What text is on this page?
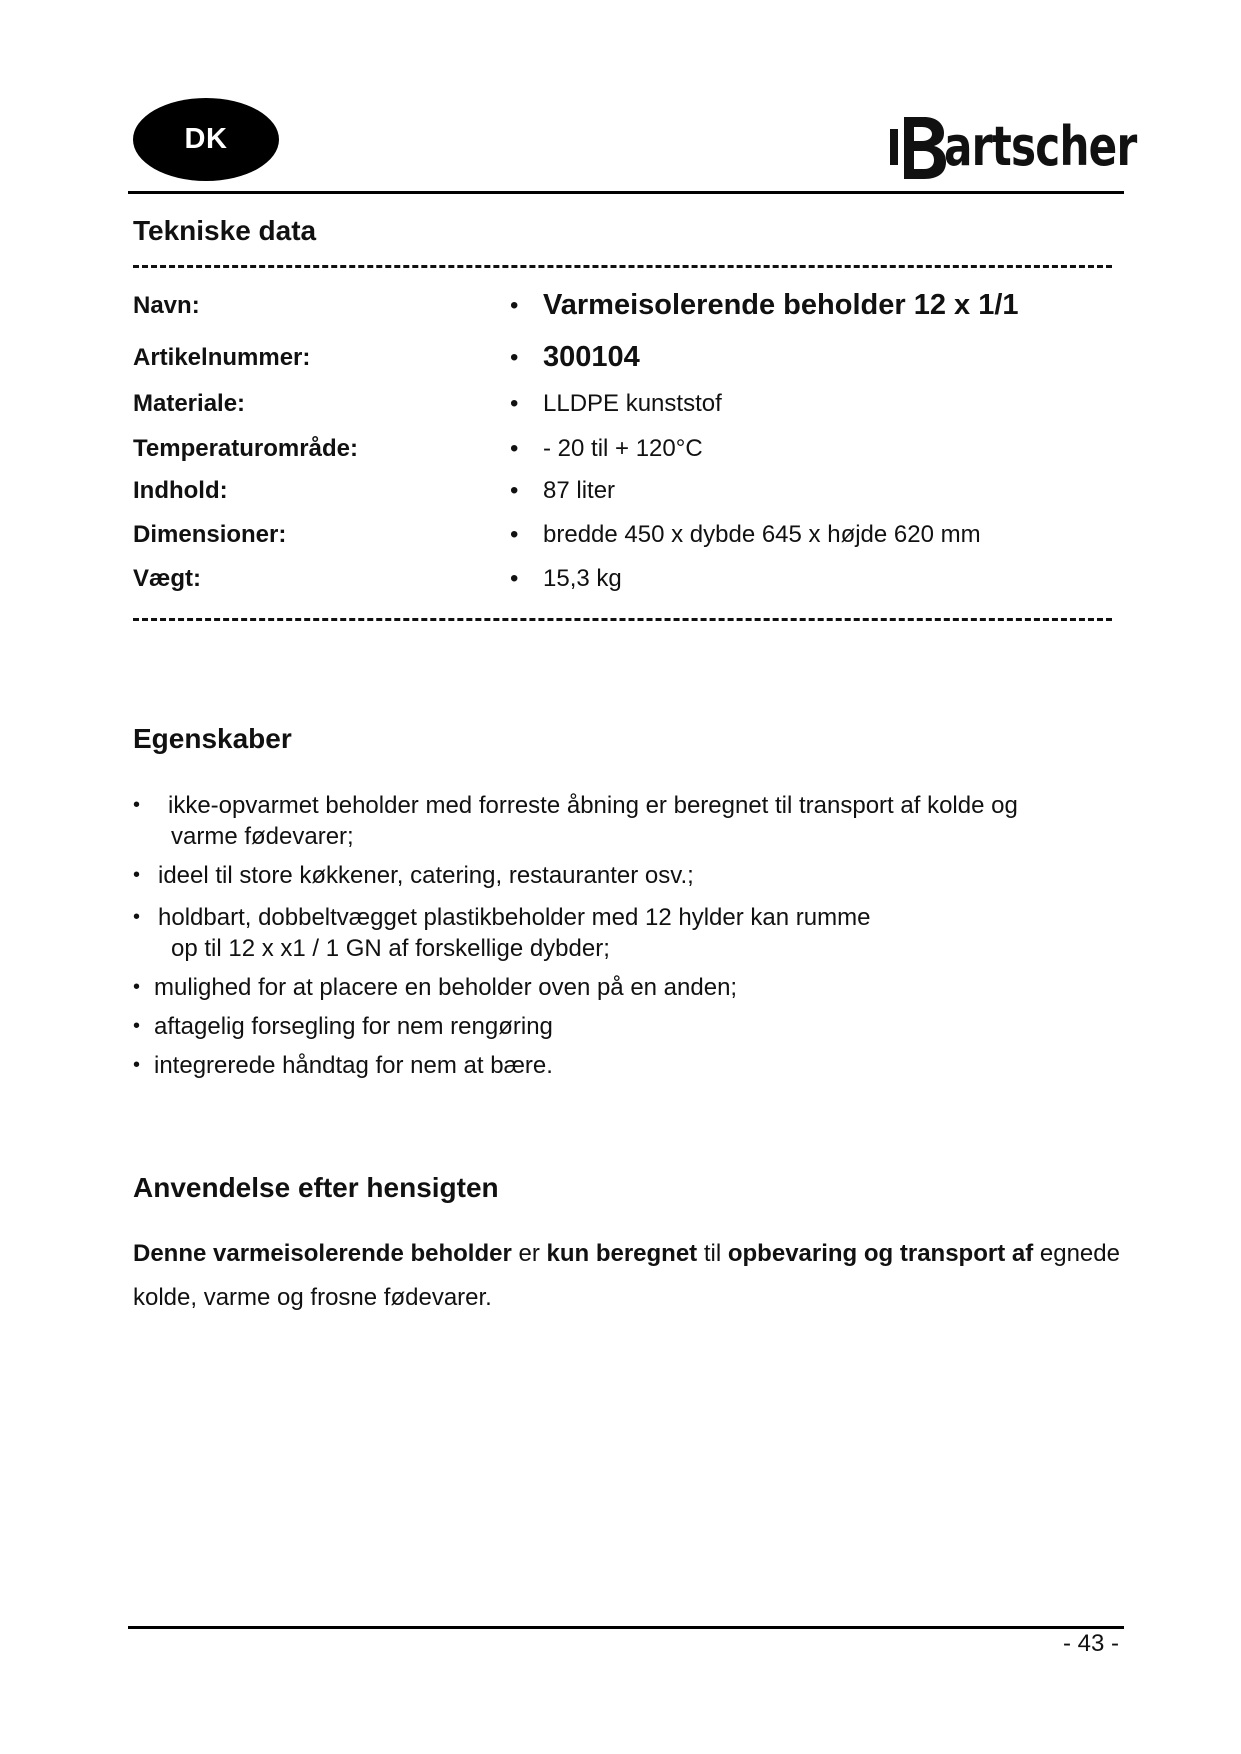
DK	artscher
Tekniske data
Navn:	• Varmeisolerende beholder 12 x 1/1
Artikelnummer:	• 300104
Materiale:	• LLDPE kunststof
Temperaturområde:	• - 20 til + 120°C
Indhold:	• 87 liter
Dimensioner:	• bredde 450 x dybde 645 x højde 620 mm
Vægt:	• 15,3 kg
Egenskaber
• ikke-opvarmet beholder med forreste åbning er beregnet til transport af kolde og
varme fødevarer;
• ideel til store køkkener, catering, restauranter osv.;
• holdbart, dobbeltvægget plastikbeholder med 12 hylder kan rumme
op til 12 x x1 / 1 GN af forskellige dybder;
• mulighed for at placere en beholder oven på en anden;
• aftagelig forsegling for nem rengøring
• integrerede håndtag for nem at bære.
Anvendelse efter hensigten

Denne varmeisolerende beholder er kun beregnet til opbevaring og transport af egnede kolde, varme og frosne fødevarer.

- 43 -
